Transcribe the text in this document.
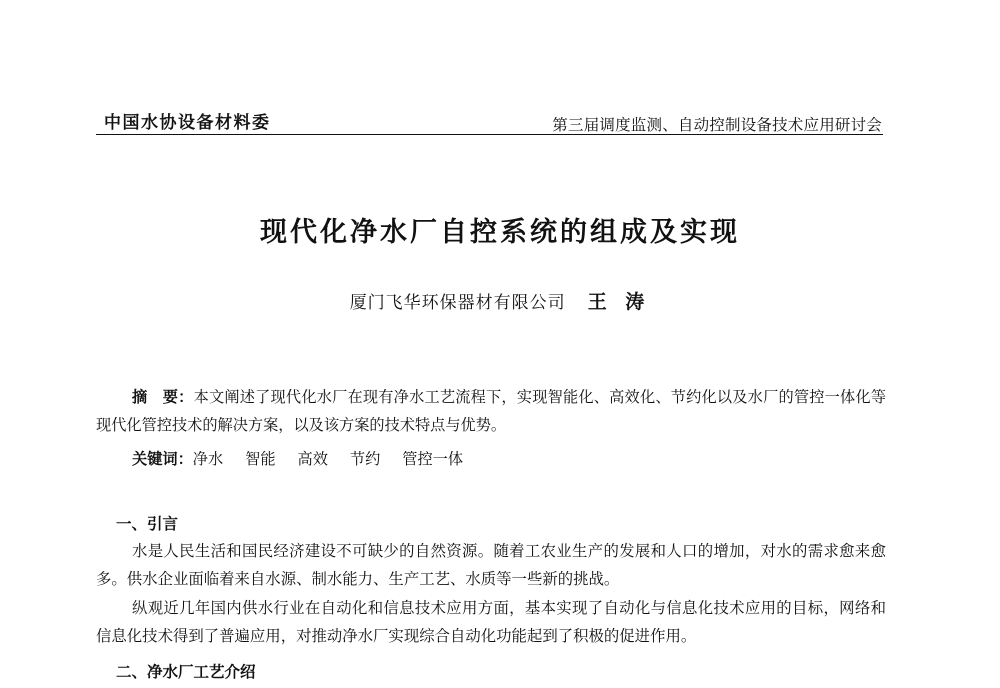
中国水协设备材料委	第三届调度监测、自动控制设备技术应用研讨会
现代化净水厂自控系统的组成及实现
厦门飞华环保器材有限公司 王 涛
摘　要：本文阐述了现代化水厂在现有净水工艺流程下，实现智能化、高效化、节约化以及水厂的管控一体化等现代化管控技术的解决方案，以及该方案的技术特点与优势。
关键词：净水 智能 高效 节约 管控一体
一、引言
水是人民生活和国民经济建设不可缺少的自然资源。随着工农业生产的发展和人口的增加，对水的需求愈来愈多。供水企业面临着来自水源、制水能力、生产工艺、水质等一些新的挑战。
纵观近几年国内供水行业在自动化和信息技术应用方面，基本实现了自动化与信息化技术应用的目标，网络和信息化技术得到了普遍应用，对推动净水厂实现综合自动化功能起到了积极的促进作用。
二、净水厂工艺介绍
